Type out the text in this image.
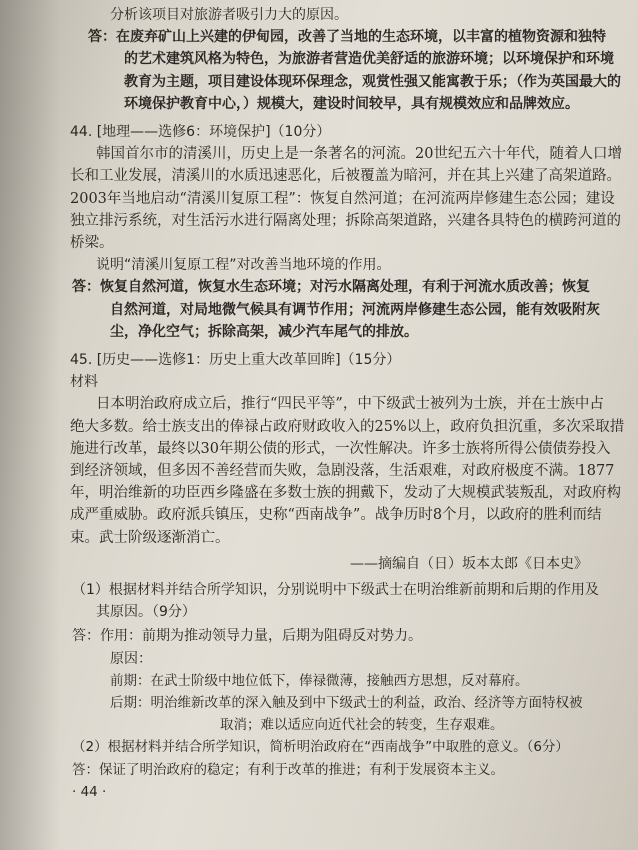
分析该项目对旅游者吸引力大的原因。
答：在废弃矿山上兴建的伊甸园，改善了当地的生态环境，以丰富的植物资源和独特
的艺术建筑风格为特色，为旅游者营造优美舒适的旅游环境；以环境保护和环境
教育为主题，项目建设体现环保理念，观赏性强又能寓教于乐；（作为英国最大的
环境保护教育中心，）规模大，建设时间较早，具有规模效应和品牌效应。
44. [地理——选修6：环境保护]（10分）
韩国首尔市的清溪川，历史上是一条著名的河流。20世纪五六十年代，随着人口增
长和工业发展，清溪川的水质迅速恶化，后被覆盖为暗河，并在其上兴建了高架道路。
2003年当地启动“清溪川复原工程”：恢复自然河道；在河流两岸修建生态公园；建设
独立排污系统，对生活污水进行隔离处理；拆除高架道路，兴建各具特色的横跨河道的
桥梁。
说明“清溪川复原工程”对改善当地环境的作用。
答：恢复自然河道，恢复水生态环境；对污水隔离处理，有利于河流水质改善；恢复
自然河道，对局地微气候具有调节作用；河流两岸修建生态公园，能有效吸附灰
尘，净化空气；拆除高架，减少汽车尾气的排放。
45. [历史——选修1：历史上重大改革回眸]（15分）
材料
日本明治政府成立后，推行“四民平等”，中下级武士被列为士族，并在士族中占
绝大多数。给士族支出的俸禄占政府财政收入的25%以上，政府负担沉重，多次采取措
施进行改革，最终以30年期公债的形式，一次性解决。许多士族将所得公债债券投入
到经济领域，但多因不善经营而失败，急剧没落，生活艰难，对政府极度不满。1877
年，明治维新的功臣西乡隆盛在多数士族的拥戴下，发动了大规模武装叛乱，对政府构
成严重威胁。政府派兵镇压，史称“西南战争”。战争历时8个月，以政府的胜利而结
束。武士阶级逐渐消亡。
——摘编自（日）坂本太郎《日本史》
（1）根据材料并结合所学知识，分别说明中下级武士在明治维新前期和后期的作用及
其原因。（9分）
答：作用：前期为推动领导力量，后期为阻碍反对势力。
原因：
前期：在武士阶级中地位低下，俸禄微薄，接触西方思想，反对幕府。
后期：明治维新改革的深入触及到中下级武士的利益，政治、经济等方面特权被
取消；难以适应向近代社会的转变，生存艰难。
（2）根据材料并结合所学知识，简析明治政府在“西南战争”中取胜的意义。（6分）
答：保证了明治政府的稳定；有利于改革的推进；有利于发展资本主义。
· 44 ·
